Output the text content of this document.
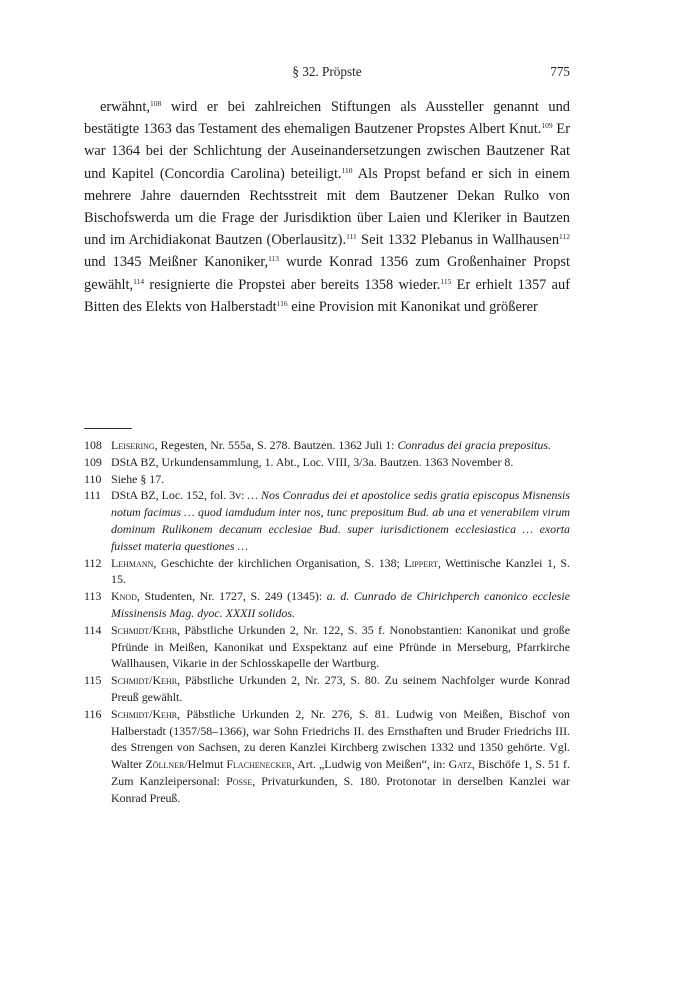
§ 32. Pröpste	775

erwähnt,$^{108}$ wird er bei zahlreichen Stiftungen als Aussteller genannt und bestätigte 1363 das Testament des ehemaligen Bautzener Propstes Albert Knut.$^{109}$ Er war 1364 bei der Schlichtung der Auseinandersetzungen zwischen Bautzener Rat und Kapitel (Concordia Carolina) beteiligt.$^{110}$ Als Propst befand er sich in einem mehrere Jahre dauernden Rechtsstreit mit dem Bautzener Dekan Rulko von Bischofswerda um die Frage der Jurisdiktion über Laien und Kleriker in Bautzen und im Archidiakonat Bautzen (Oberlausitz).$^{111}$ Seit 1332 Plebanus in Wallhausen$^{112}$ und 1345 Meißner Kanoniker,$^{113}$ wurde Konrad 1356 zum Großenhainer Propst gewählt,$^{114}$ resignierte die Propstei aber bereits 1358 wieder.$^{115}$ Er erhielt 1357 auf Bitten des Elekts von Halberstadt$^{116}$ eine Provision mit Kanonikat und größerer

108 Leisering, Regesten, Nr. 555a, S. 278. Bautzen. 1362 Juli 1: Conradus dei gracia prepositus.
109 DStA BZ, Urkundensammlung, 1. Abt., Loc. VIII, 3/3a. Bautzen. 1363 November 8.
110 Siehe § 17.
111 DStA BZ, Loc. 152, fol. 3v: … Nos Conradus dei et apostolice sedis gratia episcopus Misnensis notum facimus … quod iamdudum inter nos, tunc prepositum Bud. ab una et venerabilem virum dominum Rulikonem decanum ecclesiae Bud. super iurisdictionem ecclesiastica … exorta fuisset materia questiones …
112 Lehmann, Geschichte der kirchlichen Organisation, S. 138; Lippert, Wettinische Kanzlei 1, S. 15.
113 Knod, Studenten, Nr. 1727, S. 249 (1345): a. d. Cunrado de Chirichperch canonico ecclesie Missinensis Mag. dyoc. XXXII solidos.
114 Schmidt/Kehr, Päbstliche Urkunden 2, Nr. 122, S. 35 f. Nonobstantien: Kanonikat und große Pfründe in Meißen, Kanonikat und Exspektanz auf eine Pfründe in Merseburg, Pfarrkirche Wallhausen, Vikarie in der Schlosskapelle der Wartburg.
115 Schmidt/Kehr, Päbstliche Urkunden 2, Nr. 273, S. 80. Zu seinem Nachfolger wurde Konrad Preuß gewählt.
116 Schmidt/Kehr, Päbstliche Urkunden 2, Nr. 276, S. 81. Ludwig von Meißen, Bischof von Halberstadt (1357/58–1366), war Sohn Friedrichs II. des Ernsthaften und Bruder Friedrichs III. des Strengen von Sachsen, zu deren Kanzlei Kirchberg zwischen 1332 und 1350 gehörte. Vgl. Walter Zöllner/Helmut Flachenecker, Art. „Ludwig von Meißen“, in: Gatz, Bischöfe 1, S. 51 f. Zum Kanzleipersonal: Posse, Privaturkunden, S. 180. Protonotar in derselben Kanzlei war Konrad Preuß.
